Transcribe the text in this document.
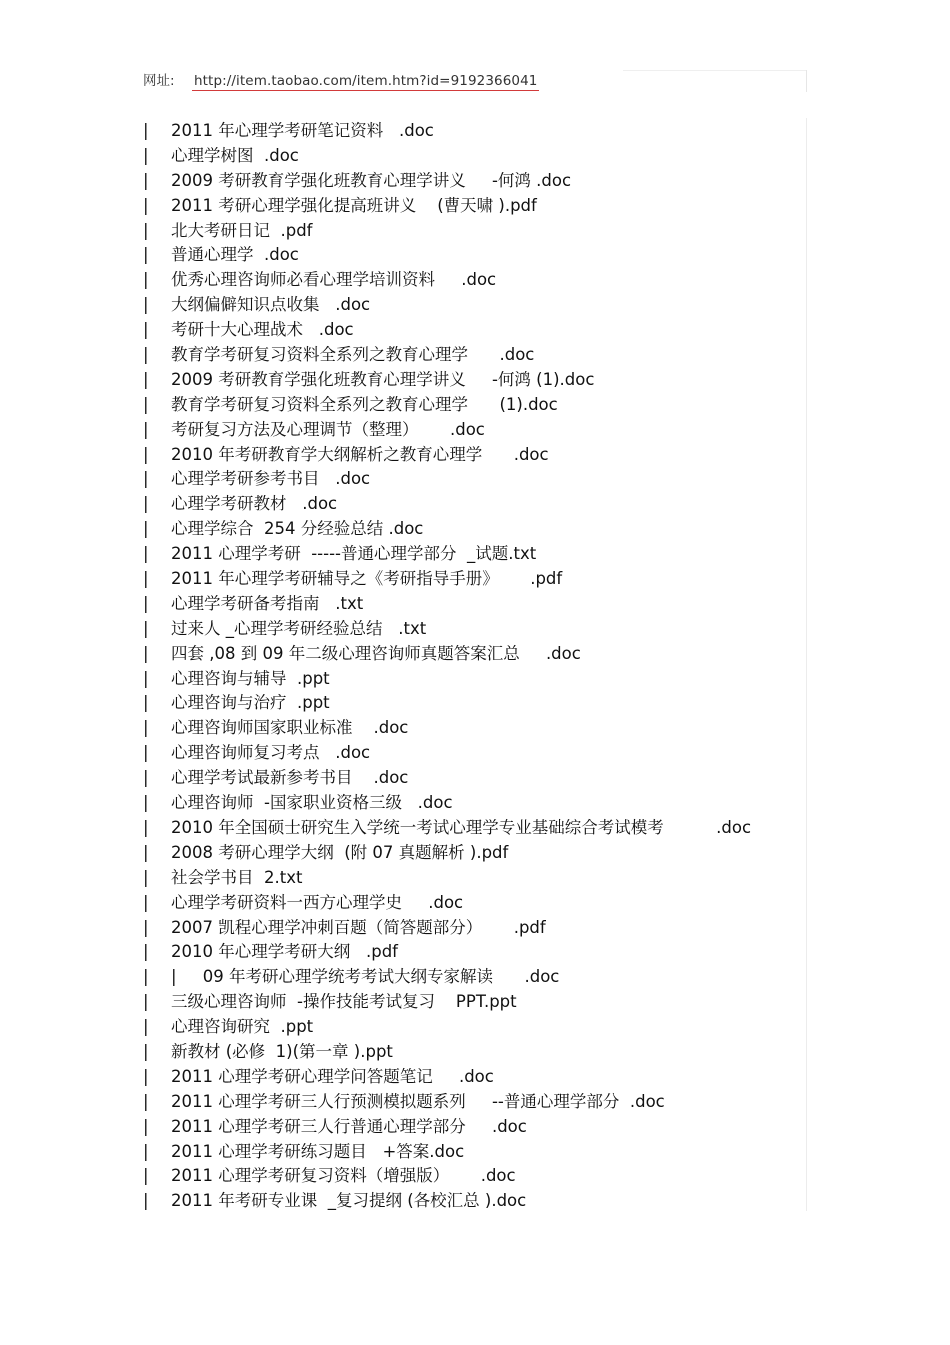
网址: http://item.taobao.com/item.htm?id=9192366041
| 2011 年心理学考研笔记资料   .doc
| 心理学树图  .doc
| 2009 考研教育学强化班教育心理学讲义     -何鸿 .doc
| 2011 考研心理学强化提高班讲义    (曹天啸 ).pdf
| 北大考研日记  .pdf
| 普通心理学  .doc
| 优秀心理咨询师必看心理学培训资料     .doc
| 大纲偏僻知识点收集   .doc
| 考研十大心理战术   .doc
| 教育学考研复习资料全系列之教育心理学      .doc
| 2009 考研教育学强化班教育心理学讲义     -何鸿 (1).doc
| 教育学考研复习资料全系列之教育心理学      (1).doc
| 考研复习方法及心理调节（整理）      .doc
| 2010 年考研教育学大纲解析之教育心理学      .doc
| 心理学考研参考书目   .doc
| 心理学考研教材   .doc
| 心理学综合  254 分经验总结 .doc
| 2011 心理学考研  -----普通心理学部分  _试题.txt
| 2011 年心理学考研辅导之《考研指导手册》      .pdf
| 心理学考研备考指南   .txt
| 过来人 _心理学考研经验总结   .txt
| 四套 ,08 到 09 年二级心理咨询师真题答案汇总     .doc
| 心理咨询与辅导  .ppt
| 心理咨询与治疗  .ppt
| 心理咨询师国家职业标准    .doc
| 心理咨询师复习考点   .doc
| 心理学考试最新参考书目    .doc
| 心理咨询师  -国家职业资格三级   .doc
| 2010 年全国硕士研究生入学统一考试心理学专业基础综合考试模考          .doc
| 2008 考研心理学大纲  (附 07 真题解析 ).pdf
| 社会学书目  2.txt
| 心理学考研资料一西方心理学史     .doc
| 2007 凯程心理学冲刺百题（简答题部分）      .pdf
| 2010 年心理学考研大纲   .pdf
| |     09 年考研心理学统考考试大纲专家解读      .doc
| 三级心理咨询师  -操作技能考试复习    PPT.ppt
| 心理咨询研究  .ppt
| 新教材 (必修  1)(第一章 ).ppt
| 2011 心理学考研心理学问答题笔记     .doc
| 2011 心理学考研三人行预测模拟题系列     --普通心理学部分  .doc
| 2011 心理学考研三人行普通心理学部分     .doc
| 2011 心理学考研练习题目   +答案.doc
| 2011 心理学考研复习资料（增强版）      .doc
| 2011 年考研专业课  _复习提纲 (各校汇总 ).doc
